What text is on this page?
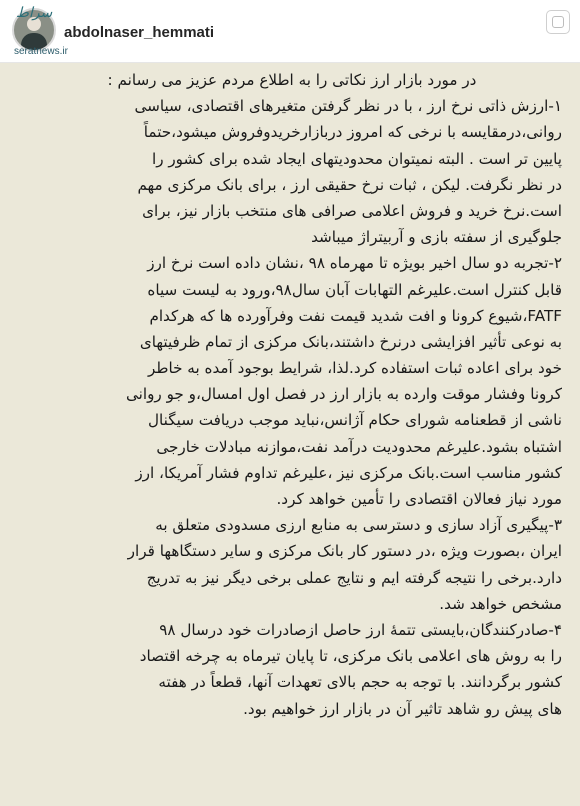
سرا‌ط
seratnews.ir
abdolnaser_hemmati
در مورد بازار ارز نکاتی را به اطلاع مردم عزیز می رسانم :
۱-ارزش ذاتی نرخ ارز ، با در نظر گرفتن متغیرهای اقتصادی، سیاسی
روانی،درمقایسه با نرخی که امروز دربازارخریدوفروش میشود،حتماً
پایین تر است . البته نمیتوان محدودیتهای ایجاد شده برای کشور را
در نظر نگرفت. لیکن ، ثبات نرخ حقیقی ارز ، برای بانک مرکزی مهم
است.نرخ خرید و فروش اعلامی صرافی های منتخب بازار نیز، برای
جلوگیری از سفته بازی و آربیتراژ میباشد
۲-تجربه دو سال اخیر بویژه تا مهرماه ۹۸ ،نشان داده است نرخ ارز
قابل کنترل است.علیرغم التهابات آبان سال۹۸،ورود به لیست سیاه
FATF،شیوع کرونا و افت شدید قیمت نفت وفرآورده ها که هرکدام
به نوعی تأثیر افزایشی درنرخ داشتند،بانک مرکزی از تمام ظرفیتهای
خود برای اعاده ثبات استفاده کرد.لذا، شرایط بوجود آمده به خاطر
کرونا وفشار موقت وارده به بازار ارز در فصل اول امسال،و جو روانی
ناشی از قطعنامه شورای حکام آژانس،نباید موجب دریافت سیگنال
اشتباه بشود.علیرغم محدودیت درآمد نفت،موازنه مبادلات خارجی
کشور مناسب است.بانک مرکزی نیز ،علیرغم تداوم فشار آمریکا، ارز
مورد نیاز فعالان اقتصادی را تأمین خواهد کرد.
۳-پیگیری آزاد سازی و دسترسی به منابع ارزی مسدودی متعلق به
ایران ،بصورت ویژه ،در دستور کار بانک مرکزی و سایر دستگاهها قرار
دارد.برخی را نتیجه گرفته ایم و نتایج عملی برخی دیگر نیز به تدریج
مشخص خواهد شد.
۴-صادرکنندگان،بایستی تتمهٔ ارز حاصل ازصادرات خود درسال ۹۸
را به روش های اعلامی بانک مرکزی، تا پایان تیرماه به چرخه اقتصاد
کشور برگردانند. با توجه به حجم بالای تعهدات آنها، قطعاً در هفته
های پیش رو شاهد تاثیر آن در بازار ارز خواهیم بود.
